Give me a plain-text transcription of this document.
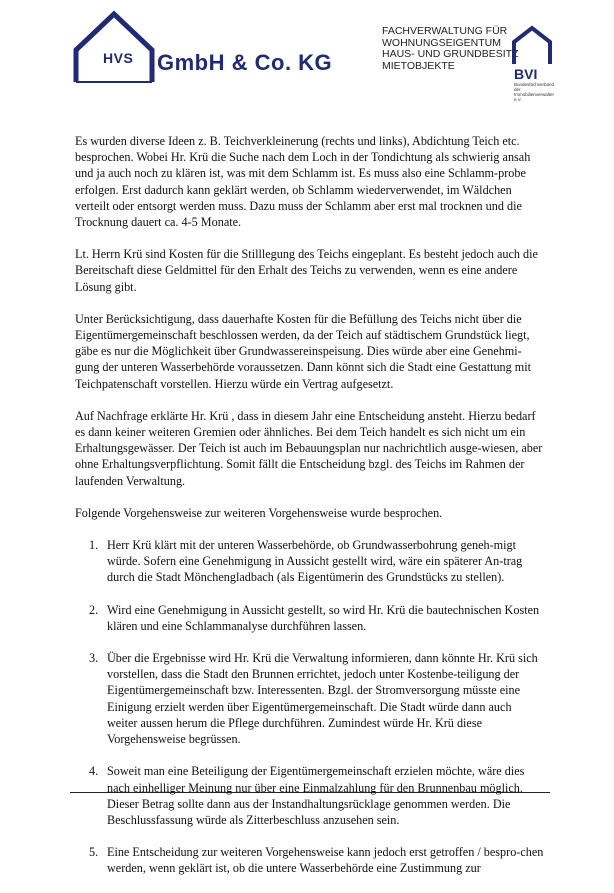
HVS GmbH & Co. KG
FACHVERWALTUNG FÜR
WOHNUNGSEIGENTUM
HAUS- UND GRUNDBESITZ
MIETOBJEKTE
BVI
Bundesfachverband der Immobilienverwalter e.V.

Es wurden diverse Ideen z. B. Teichverkleinerung (rechts und links), Abdichtung Teich etc. besprochen. Wobei Hr. Krü die Suche nach dem Loch in der Tondichtung als schwierig ansah und ja auch noch zu klären ist, was mit dem Schlamm ist. Es muss also eine Schlamm-probe erfolgen. Erst dadurch kann geklärt werden, ob Schlamm wiederverwendet, im Wäldchen verteilt oder entsorgt werden muss. Dazu muss der Schlamm aber erst mal trocknen und die Trocknung dauert ca. 4-5 Monate.

Lt. Herrn Krü sind Kosten für die Stilllegung des Teichs eingeplant. Es besteht jedoch auch die Bereitschaft diese Geldmittel für den Erhalt des Teichs zu verwenden, wenn es eine andere Lösung gibt.

Unter Berücksichtigung, dass dauerhafte Kosten für die Befüllung des Teichs nicht über die Eigentümergemeinschaft beschlossen werden, da der Teich auf städtischem Grundstück liegt, gäbe es nur die Möglichkeit über Grundwassereinspeisung. Dies würde aber eine Genehmi-gung der unteren Wasserbehörde voraussetzen. Dann könnt sich die Stadt eine Gestattung mit Teichpatenschaft vorstellen. Hierzu würde ein Vertrag aufgesetzt.

Auf Nachfrage erklärte Hr. Krü , dass in diesem Jahr eine Entscheidung ansteht. Hierzu bedarf es dann keiner weiteren Gremien oder ähnliches. Bei dem Teich handelt es sich nicht um ein Erhaltungsgewässer. Der Teich ist auch im Bebauungsplan nur nachrichtlich ausge-wiesen, aber ohne Erhaltungsverpflichtung. Somit fällt die Entscheidung bzgl. des Teichs im Rahmen der laufenden Verwaltung.

Folgende Vorgehensweise zur weiteren Vorgehensweise wurde besprochen.

1. Herr Krü klärt mit der unteren Wasserbehörde, ob Grundwasserbohrung geneh-migt würde. Sofern eine Genehmigung in Aussicht gestellt wird, wäre ein späterer An-trag durch die Stadt Mönchengladbach (als Eigentümerin des Grundstücks zu stellen).
2. Wird eine Genehmigung in Aussicht gestellt, so wird Hr. Krü die bautechnischen Kosten klären und eine Schlammanalyse durchführen lassen.
3. Über die Ergebnisse wird Hr. Krü die Verwaltung informieren, dann könnte Hr. Krü sich vorstellen, dass die Stadt den Brunnen errichtet, jedoch unter Kostenbe-teiligung der Eigentümergemeinschaft bzw. Interessenten. Bzgl. der Stromversorgung müsste eine Einigung erzielt werden über Eigentümergemeinschaft. Die Stadt würde dann auch weiter aussen herum die Pflege durchführen. Zumindest würde Hr. Krü diese Vorgehensweise begrüssen.
4. Soweit man eine Beteiligung der Eigentümergemeinschaft erzielen möchte, wäre dies nach einhelliger Meinung nur über eine Einmalzahlung für den Brunnenbau möglich. Dieser Betrag sollte dann aus der Instandhaltungsrücklage genommen werden. Die Beschlussfassung würde als Zitterbeschluss anzusehen sein.
5. Eine Entscheidung zur weiteren Vorgehensweise kann jedoch erst getroffen / bespro-chen werden, wenn geklärt ist, ob die untere Wasserbehörde eine Zustimmung zur
